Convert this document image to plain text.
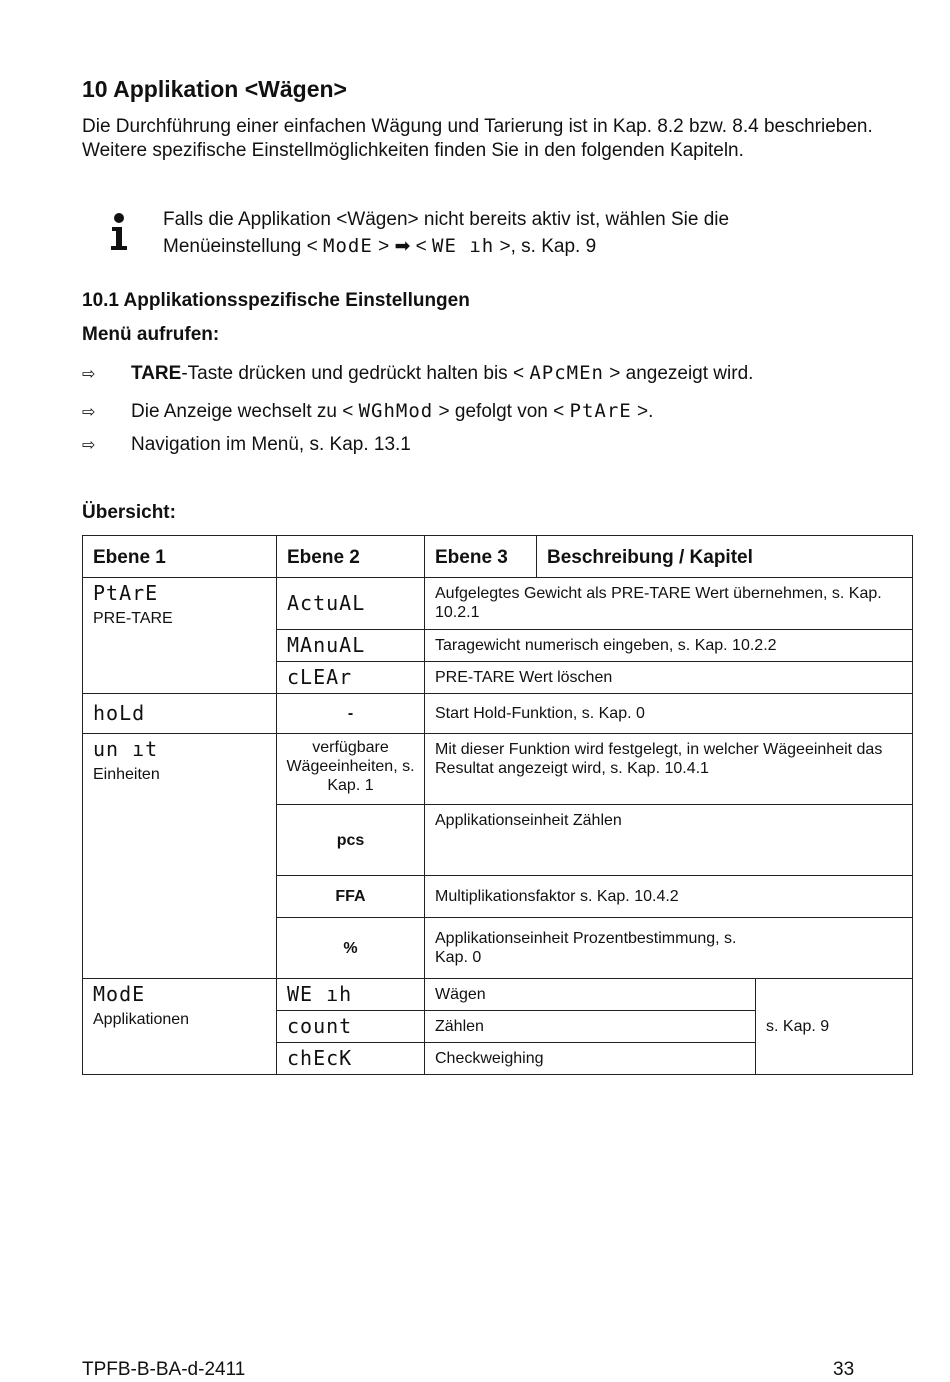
10 Applikation <Wägen>
Die Durchführung einer einfachen Wägung und Tarierung ist in Kap. 8.2 bzw. 8.4 beschrieben. Weitere spezifische Einstellmöglichkeiten finden Sie in den folgenden Kapiteln.
Falls die Applikation <Wägen> nicht bereits aktiv ist, wählen Sie die Menüeinstellung < ModE > ➡ < WE ıh >, s. Kap. 9
10.1 Applikationsspezifische Einstellungen
Menü aufrufen:
⇨ TARE-Taste drücken und gedrückt halten bis < APcMEn > angezeigt wird.
⇨ Die Anzeige wechselt zu < WGhMod > gefolgt von < PtArE >.
⇨ Navigation im Menü, s. Kap. 13.1
Übersicht:
Ebene 1	Ebene 2	Ebene 3	Beschreibung / Kapitel	

PtArE
PRE-TARE	ActuAL	Aufgelegtes Gewicht als PRE-TARE Wert übernehmen, s. Kap. 10.2.1		

	MAnuAL	Taragewicht numerisch eingeben, s. Kap. 10.2.2		

	cLEAr	PRE-TARE Wert löschen		

hoLd	-	Start Hold-Funktion, s. Kap. 0		

un ıt
Einheiten	verfügbare Wägeeinheiten, s. Kap. 1	Mit dieser Funktion wird festgelegt, in welcher Wägeeinheit das Resultat angezeigt wird, s. Kap. 10.4.1		
	pcs	Applikationseinheit Zählen		
	FFA	Multiplikationsfaktor s. Kap. 10.4.2		
	%	Applikationseinheit Prozentbestimmung, s. Kap. 0		

ModE
Applikationen	WE ıh	Wägen		s. Kap. 9

	count	Zählen		

	chEcK	Checkweighing		
TPFB-B-BA-d-2411	33
